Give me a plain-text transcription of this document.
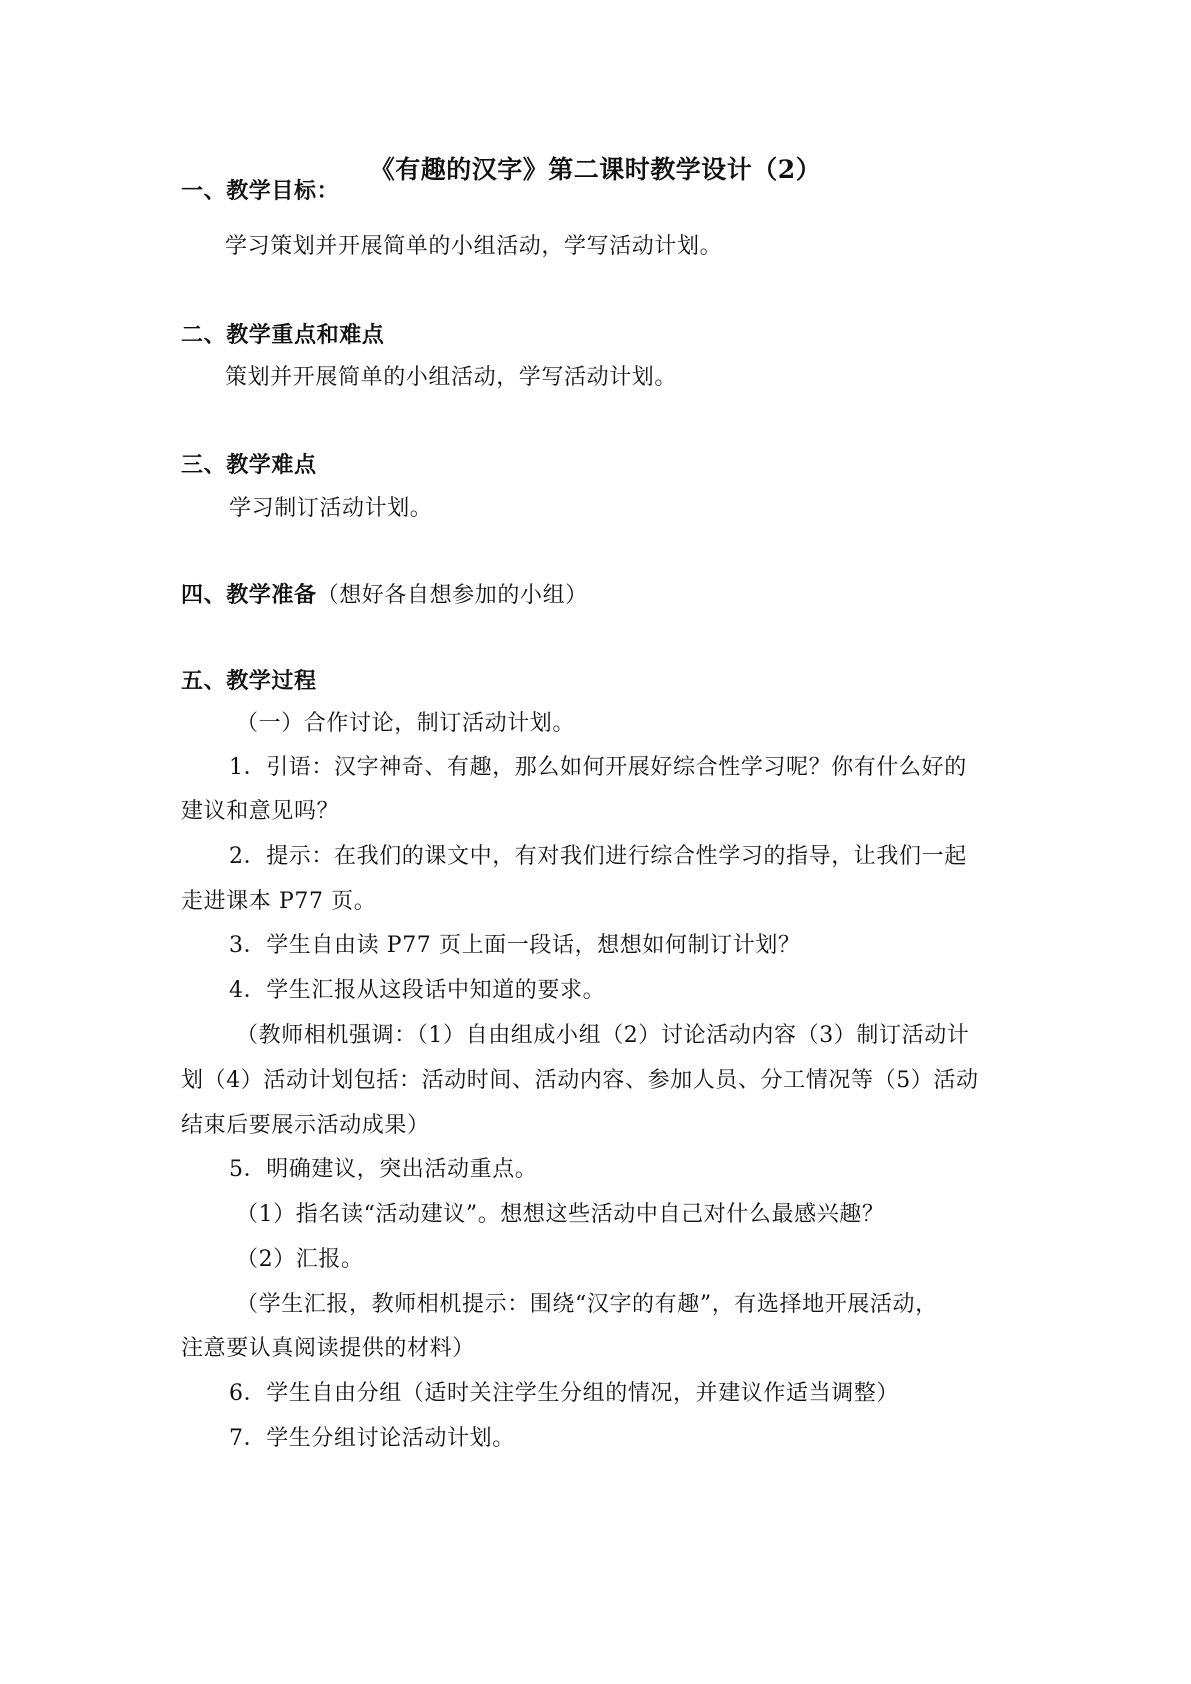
《有趣的汉字》第二课时教学设计（2）
一、教学目标：
学习策划并开展简单的小组活动，学写活动计划。
二、教学重点和难点
策划并开展简单的小组活动，学写活动计划。
三、教学难点
学习制订活动计划。
四、教学准备（想好各自想参加的小组）
五、教学过程
（一）合作讨论，制订活动计划。
1．引语：汉字神奇、有趣，那么如何开展好综合性学习呢？你有什么好的
建议和意见吗？
2．提示：在我们的课文中，有对我们进行综合性学习的指导，让我们一起
走进课本 P77 页。
3．学生自由读 P77 页上面一段话，想想如何制订计划？
4．学生汇报从这段话中知道的要求。
（教师相机强调：（1）自由组成小组（2）讨论活动内容（3）制订活动计
划（4）活动计划包括：活动时间、活动内容、参加人员、分工情况等（5）活动
结束后要展示活动成果）
5．明确建议，突出活动重点。
（1）指名读“活动建议”。想想这些活动中自己对什么最感兴趣？
（2）汇报。
（学生汇报，教师相机提示：围绕“汉字的有趣”，有选择地开展活动，
注意要认真阅读提供的材料）
6．学生自由分组（适时关注学生分组的情况，并建议作适当调整）
7．学生分组讨论活动计划。
